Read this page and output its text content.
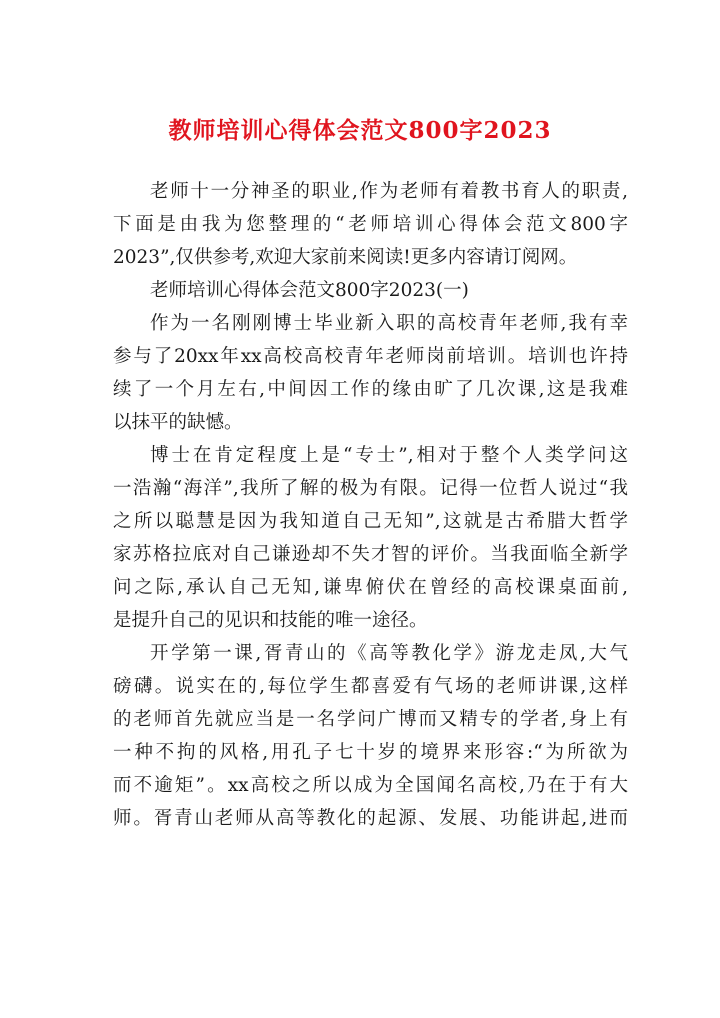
教师培训心得体会范文800字2023
老师十一分神圣的职业,作为老师有着教书育人的职责,
下面是由我为您整理的“老师培训心得体会范文800字
2023”,仅供参考,欢迎大家前来阅读!更多内容请订阅网。
老师培训心得体会范文800字2023(一)
作为一名刚刚博士毕业新入职的高校青年老师,我有幸
参与了20xx年xx高校高校青年老师岗前培训。培训也许持
续了一个月左右,中间因工作的缘由旷了几次课,这是我难
以抹平的缺憾。
博士在肯定程度上是“专士”,相对于整个人类学问这
一浩瀚“海洋”,我所了解的极为有限。记得一位哲人说过“我
之所以聪慧是因为我知道自己无知”,这就是古希腊大哲学
家苏格拉底对自己谦逊却不失才智的评价。当我面临全新学
问之际,承认自己无知,谦卑俯伏在曾经的高校课桌面前,
是提升自己的见识和技能的唯一途径。
开学第一课,胥青山的《高等教化学》游龙走凤,大气
磅礴。说实在的,每位学生都喜爱有气场的老师讲课,这样
的老师首先就应当是一名学问广博而又精专的学者,身上有
一种不拘的风格,用孔子七十岁的境界来形容:“为所欲为
而不逾矩”。xx高校之所以成为全国闻名高校,乃在于有大
师。胥青山老师从高等教化的起源、发展、功能讲起,进而
